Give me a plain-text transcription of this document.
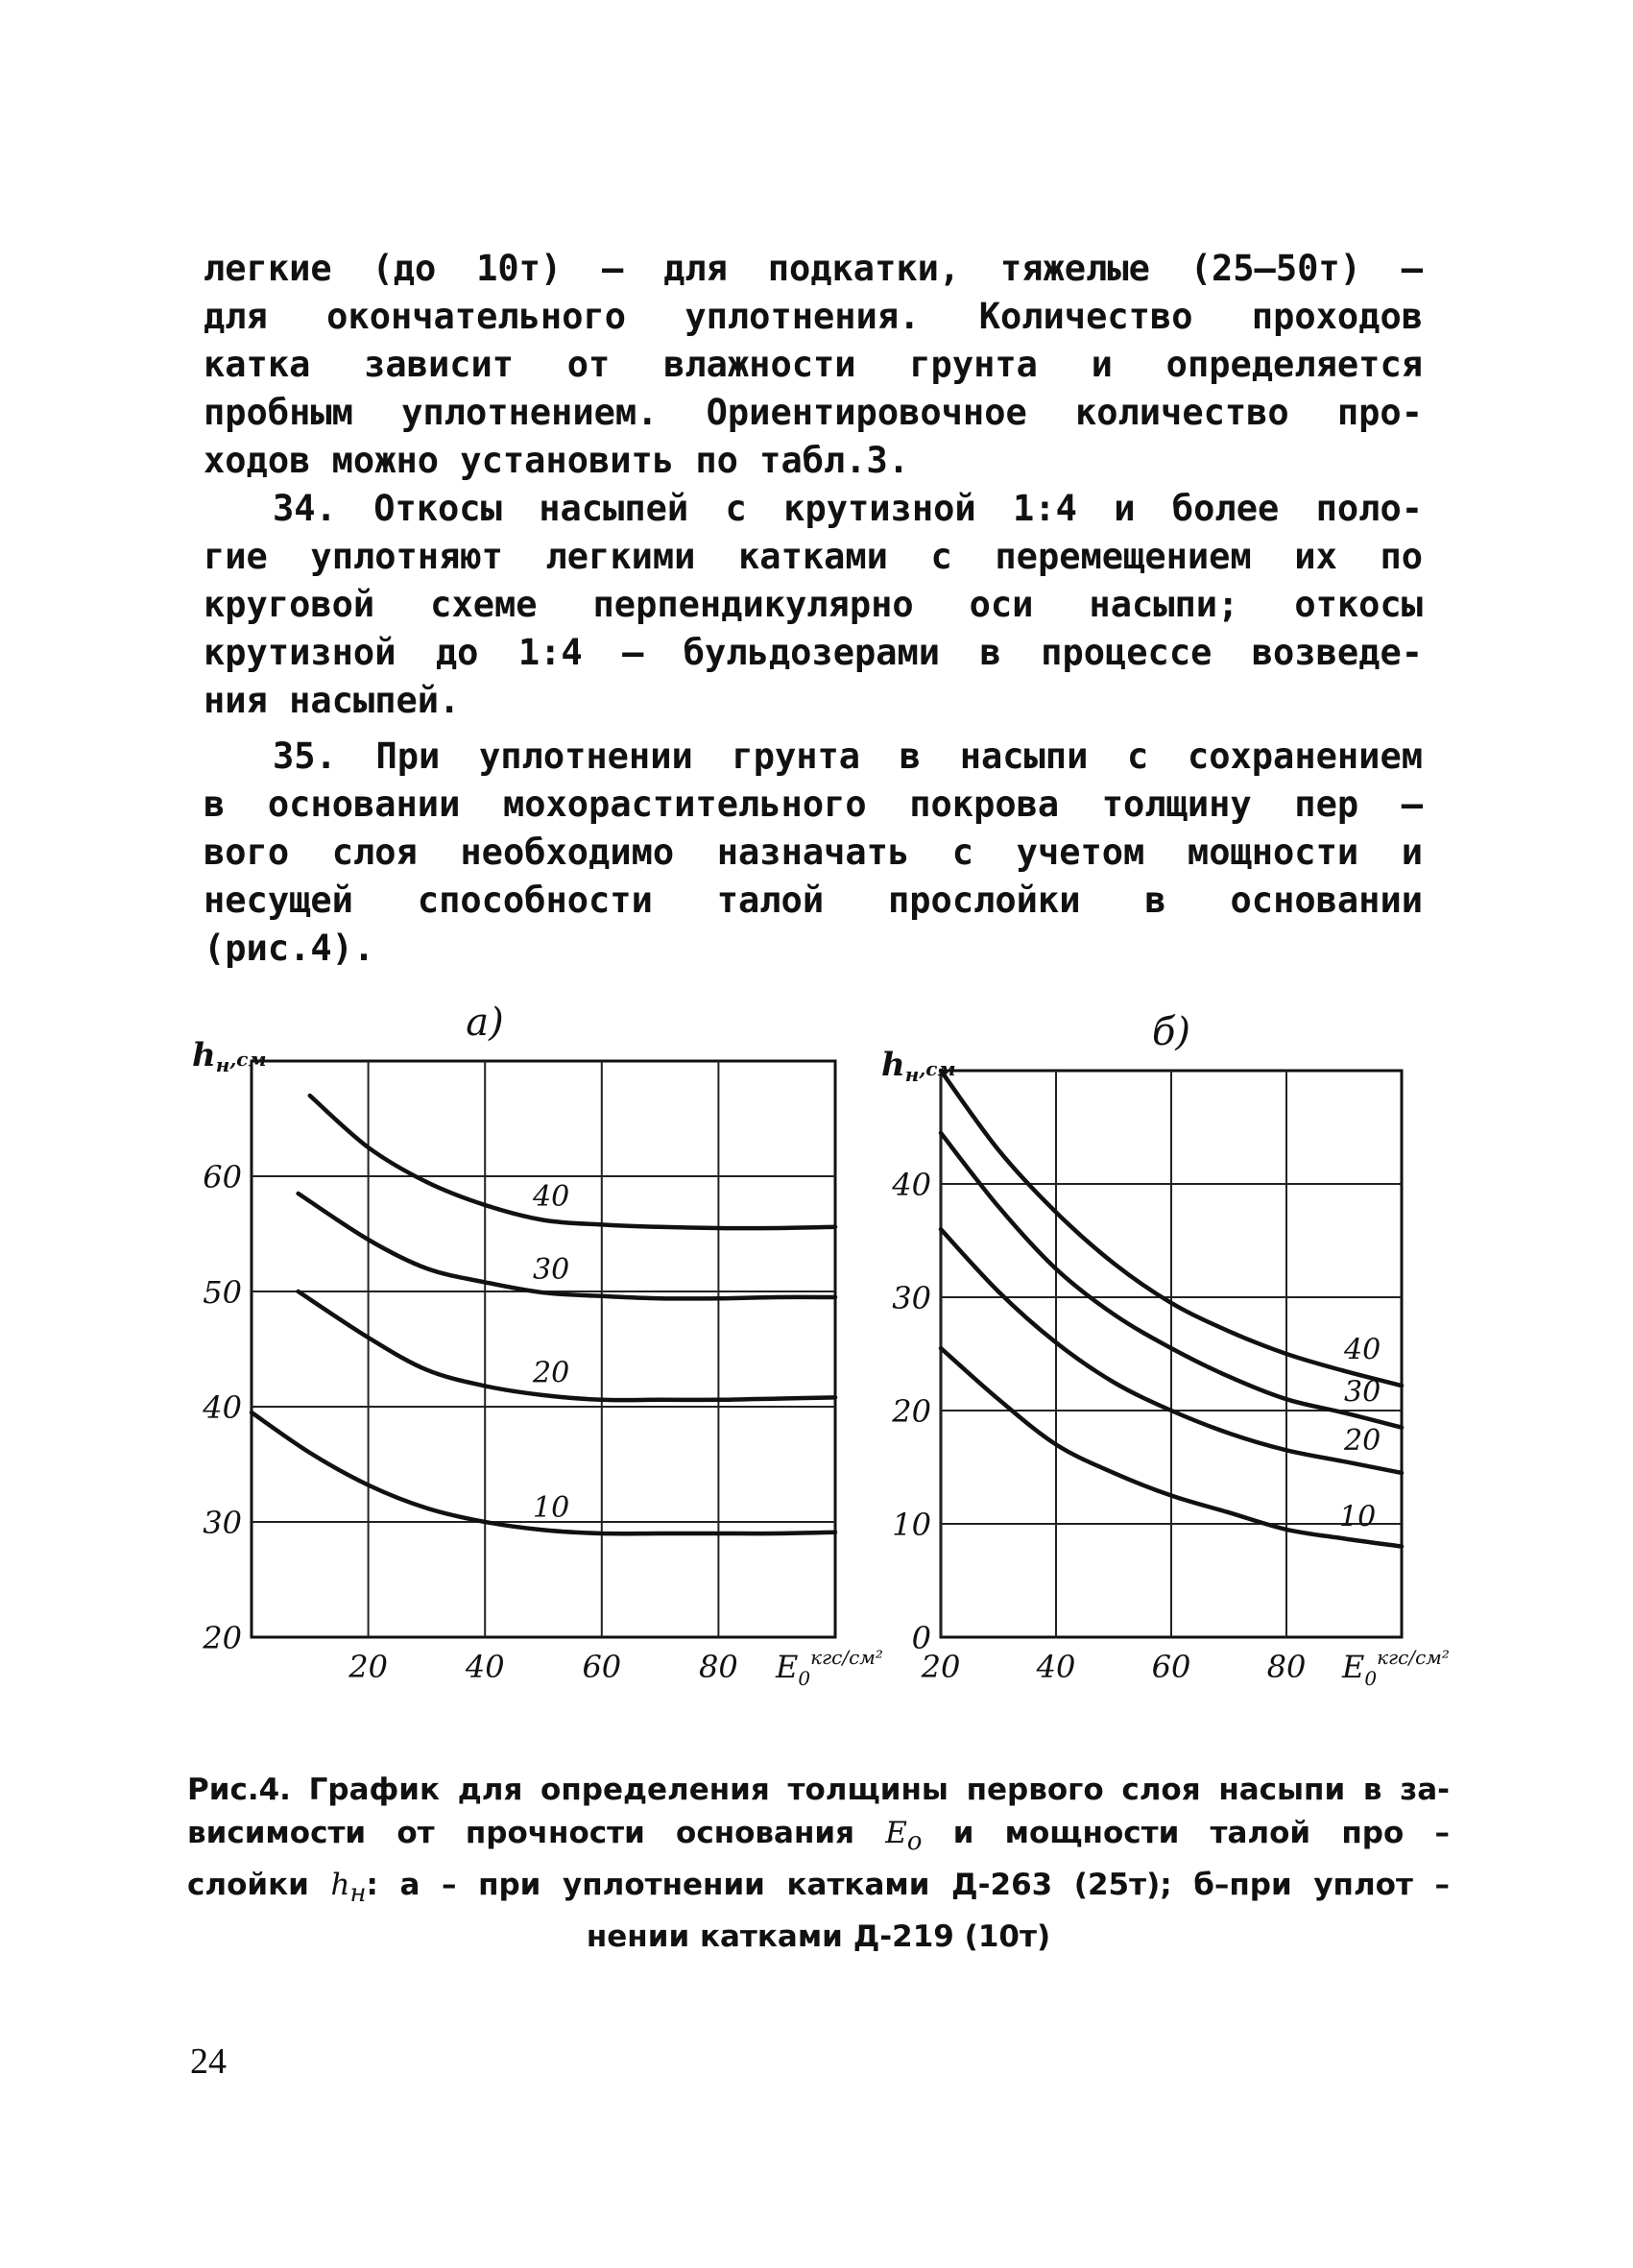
легкие (до 10т) – для подкатки, тяжелые (25–50т) –
для окончательного уплотнения. Количество проходов
катка зависит от влажности грунта и определяется
пробным уплотнением. Ориентировочное количество про-
ходов можно установить по табл.3.

34. Откосы насыпей с крутизной 1:4 и более поло-
гие уплотняют легкими катками с перемещением их по
круговой схеме перпендикулярно оси насыпи; откосы
крутизной до 1:4 – бульдозерами в процессе возведе-
ния насыпей.

35. При уплотнении грунта в насыпи с сохранением
в основании мохорастительного покрова толщину пер –
вого слоя необходимо назначать с учетом мощности и
несущей способности талой прослойки в основании
(рис.4).

20	40	60	80
20
30
40
50
60
hн,см
$E_0^{кгс/см^2}$
а)
40
30
20
10
20 40 60 80
0
10
20
30
40
hн,см
$E_0^{кгс/см^2}$
б)
40
30
20
10
Рис.4. График для определения толщины первого слоя насыпи в за-
висимости от прочности основания $E_о$ и мощности талой про –
слойки $h_н$: а – при уплотнении катками Д-263 (25т); б–при уплот –
нении катками Д-219 (10т)
24
